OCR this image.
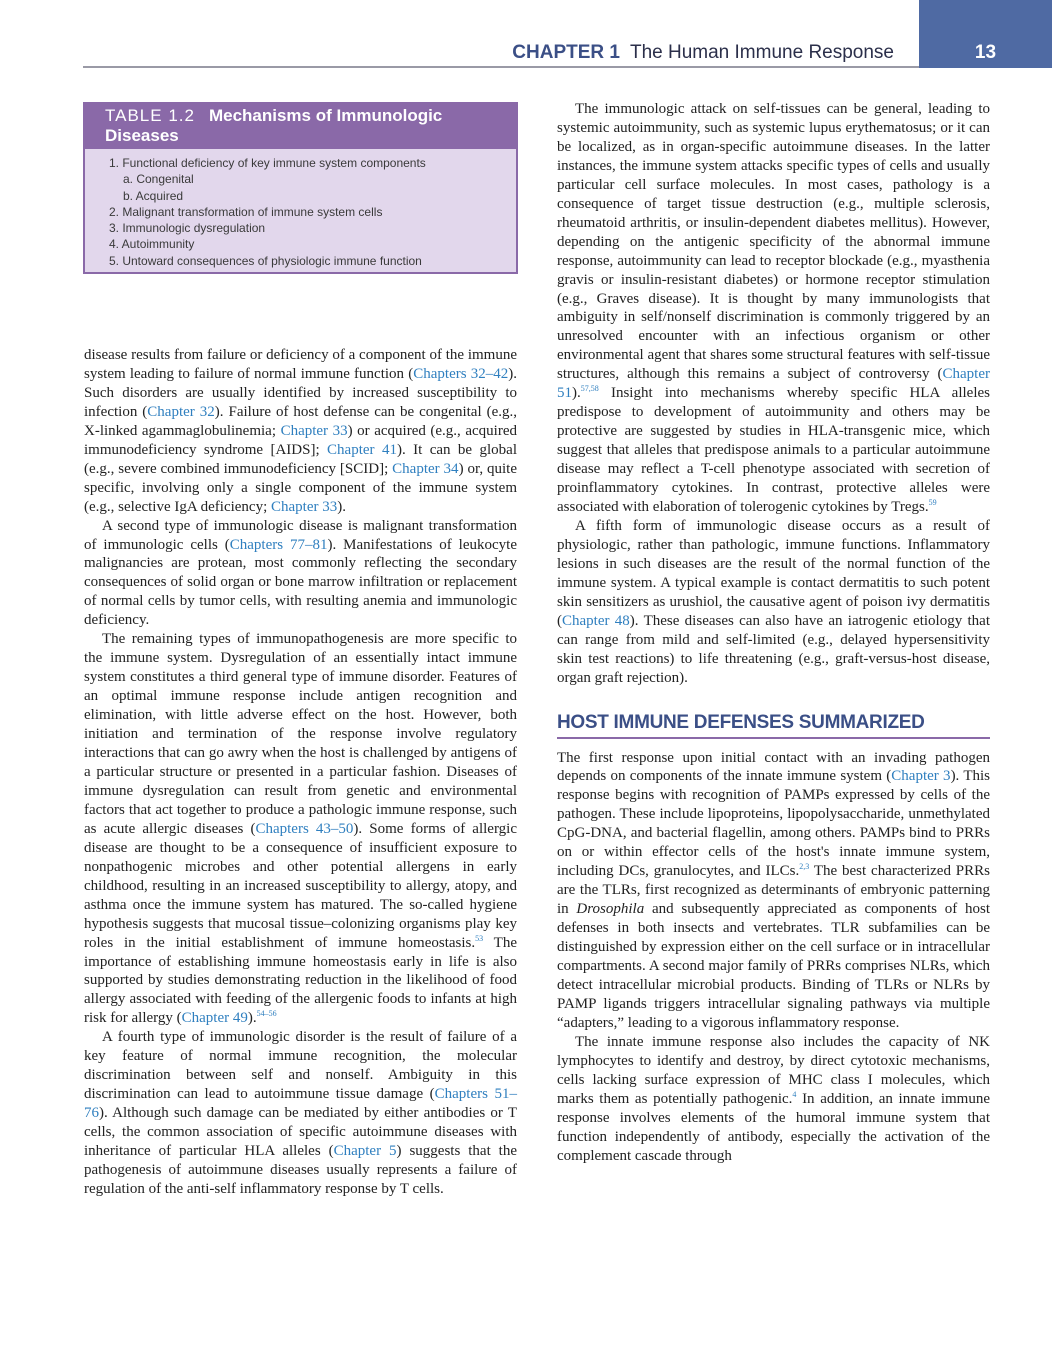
CHAPTER 1 The Human Immune Response	13
TABLE 1.2 Mechanisms of Immunologic Diseases
1. Functional deficiency of key immune system components
a. Congenital
b. Acquired
2. Malignant transformation of immune system cells
3. Immunologic dysregulation
4. Autoimmunity
5. Untoward consequences of physiologic immune function

disease results from failure or deficiency of a component of the immune system leading to failure of normal immune function (Chapters 32–42). Such disorders are usually identified by increased susceptibility to infection (Chapter 32). Failure of host defense can be congenital (e.g., X-linked agammaglobulinemia; Chapter 33) or acquired (e.g., acquired immunodeficiency syndrome [AIDS]; Chapter 41). It can be global (e.g., severe combined immunodeficiency [SCID]; Chapter 34) or, quite specific, involving only a single component of the immune system (e.g., selective IgA deficiency; Chapter 33).

A second type of immunologic disease is malignant transformation of immunologic cells (Chapters 77–81). Manifestations of leukocyte malignancies are protean, most commonly reflecting the secondary consequences of solid organ or bone marrow infiltration or replacement of normal cells by tumor cells, with resulting anemia and immunologic deficiency.

The remaining types of immunopathogenesis are more specific to the immune system. Dysregulation of an essentially intact immune system constitutes a third general type of immune disorder. Features of an optimal immune response include antigen recognition and elimination, with little adverse effect on the host. However, both initiation and termination of the response involve regulatory interactions that can go awry when the host is challenged by antigens of a particular structure or presented in a particular fashion. Diseases of immune dysregulation can result from genetic and environmental factors that act together to produce a pathologic immune response, such as acute allergic diseases (Chapters 43–50). Some forms of allergic disease are thought to be a consequence of insufficient exposure to nonpathogenic microbes and other potential allergens in early childhood, resulting in an increased susceptibility to allergy, atopy, and asthma once the immune system has matured. The so-called hygiene hypothesis suggests that mucosal tissue–colonizing organisms play key roles in the initial establishment of immune homeostasis.$^{53}$ The importance of establishing immune homeostasis early in life is also supported by studies demonstrating reduction in the likelihood of food allergy associated with feeding of the allergenic foods to infants at high risk for allergy (Chapter 49).$^{54-56}$

A fourth type of immunologic disorder is the result of failure of a key feature of normal immune recognition, the molecular discrimination between self and nonself. Ambiguity in this discrimination can lead to autoimmune tissue damage (Chapters 51–76). Although such damage can be mediated by either antibodies or T cells, the common association of specific autoimmune diseases with inheritance of particular HLA alleles (Chapter 5) suggests that the pathogenesis of autoimmune diseases usually represents a failure of regulation of the anti-self inflammatory response by T cells.

The immunologic attack on self-tissues can be general, leading to systemic autoimmunity, such as systemic lupus erythematosus; or it can be localized, as in organ-specific autoimmune diseases. In the latter instances, the immune system attacks specific types of cells and usually particular cell surface molecules. In most cases, pathology is a consequence of target tissue destruction (e.g., multiple sclerosis, rheumatoid arthritis, or insulin-dependent diabetes mellitus). However, depending on the antigenic specificity of the abnormal immune response, autoimmunity can lead to receptor blockade (e.g., myasthenia gravis or insulin-resistant diabetes) or hormone receptor stimulation (e.g., Graves disease). It is thought by many immunologists that ambiguity in self/nonself discrimination is commonly triggered by an unresolved encounter with an infectious organism or other environmental agent that shares some structural features with self-tissue structures, although this remains a subject of controversy (Chapter 51).$^{57,58}$ Insight into mechanisms whereby specific HLA alleles predispose to development of autoimmunity and others may be protective are suggested by studies in HLA-transgenic mice, which suggest that alleles that predispose animals to a particular autoimmune disease may reflect a T-cell phenotype associated with secretion of proinflammatory cytokines. In contrast, protective alleles were associated with elaboration of tolerogenic cytokines by Tregs.$^{59}$

A fifth form of immunologic disease occurs as a result of physiologic, rather than pathologic, immune functions. Inflammatory lesions in such diseases are the result of the normal function of the immune system. A typical example is contact dermatitis to such potent skin sensitizers as urushiol, the causative agent of poison ivy dermatitis (Chapter 48). These diseases can also have an iatrogenic etiology that can range from mild and self-limited (e.g., delayed hypersensitivity skin test reactions) to life threatening (e.g., graft-versus-host disease, organ graft rejection).

HOST IMMUNE DEFENSES SUMMARIZED

The first response upon initial contact with an invading pathogen depends on components of the innate immune system (Chapter 3). This response begins with recognition of PAMPs expressed by cells of the pathogen. These include lipoproteins, lipopolysaccharide, unmethylated CpG-DNA, and bacterial flagellin, among others. PAMPs bind to PRRs on or within effector cells of the host's innate immune system, including DCs, granulocytes, and ILCs.$^{2,3}$ The best characterized PRRs are the TLRs, first recognized as determinants of embryonic patterning in Drosophila and subsequently appreciated as components of host defenses in both insects and vertebrates. TLR subfamilies can be distinguished by expression either on the cell surface or in intracellular compartments. A second major family of PRRs comprises NLRs, which detect intracellular microbial products. Binding of TLRs or NLRs by PAMP ligands triggers intracellular signaling pathways via multiple “adapters,” leading to a vigorous inflammatory response.

The innate immune response also includes the capacity of NK lymphocytes to identify and destroy, by direct cytotoxic mechanisms, cells lacking surface expression of MHC class I molecules, which marks them as potentially pathogenic.$^4$ In addition, an innate immune response involves elements of the humoral immune system that function independently of antibody, especially the activation of the complement cascade through
